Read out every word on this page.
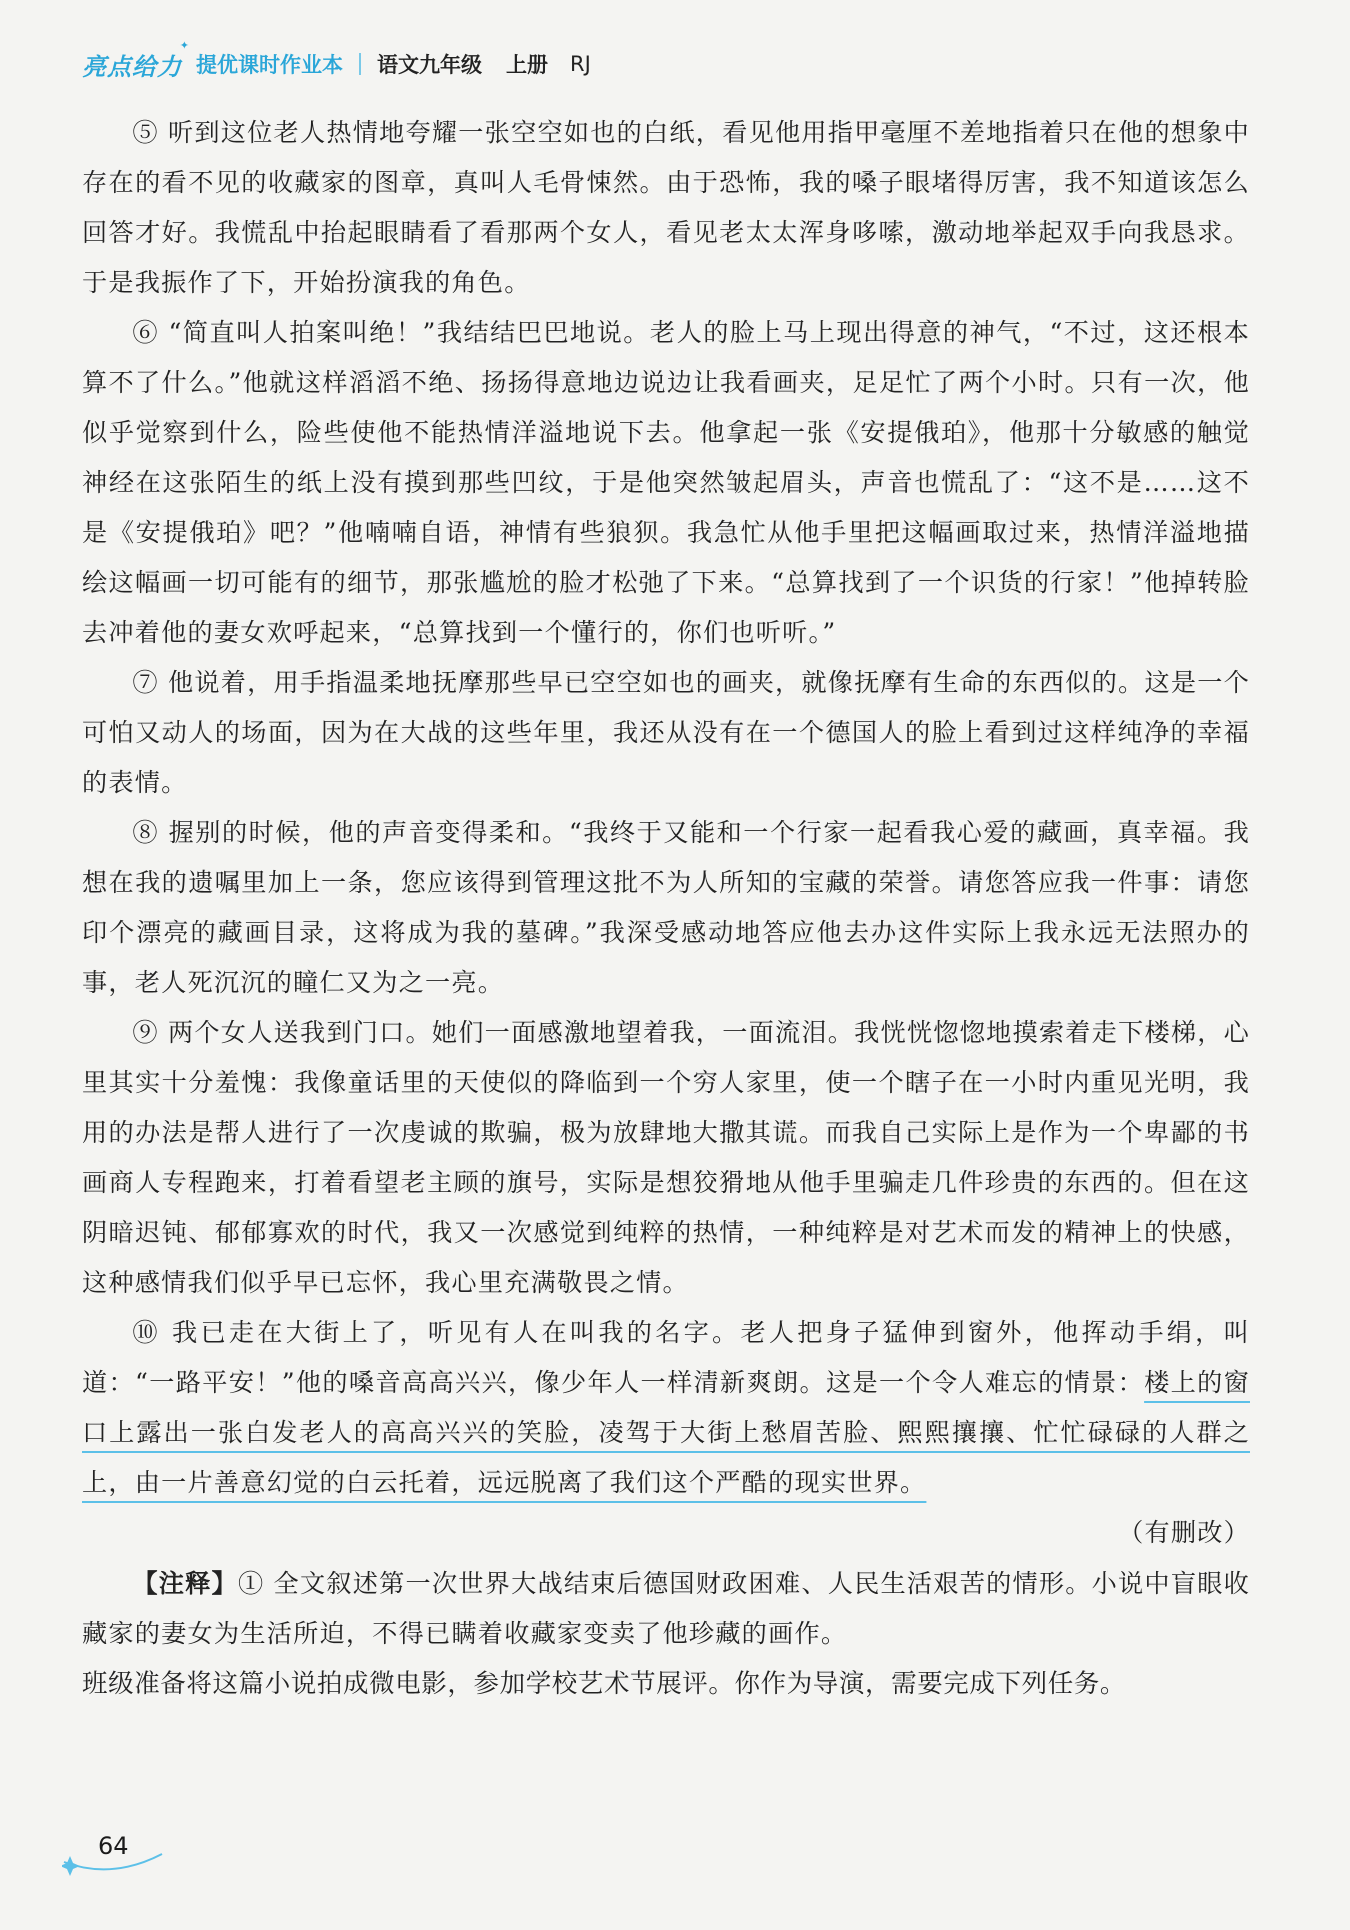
亮点给力
✦
提优课时作业本 语文九年级 上册 RJ

⑤ 听到这位老人热情地夸耀一张空空如也的白纸，看见他用指甲毫厘不差地指着只在他的想象中存在的看不见的收藏家的图章，真叫人毛骨悚然。由于恐怖，我的嗓子眼堵得厉害，我不知道该怎么回答才好。我慌乱中抬起眼睛看了看那两个女人，看见老太太浑身哆嗦，激动地举起双手向我恳求。于是我振作了下，开始扮演我的角色。

⑥ “简直叫人拍案叫绝！”我结结巴巴地说。老人的脸上马上现出得意的神气，“不过，这还根本算不了什么。”他就这样滔滔不绝、扬扬得意地边说边让我看画夹，足足忙了两个小时。只有一次，他似乎觉察到什么，险些使他不能热情洋溢地说下去。他拿起一张《安提俄珀》，他那十分敏感的触觉神经在这张陌生的纸上没有摸到那些凹纹，于是他突然皱起眉头，声音也慌乱了：“这不是……这不是《安提俄珀》吧？”他喃喃自语，神情有些狼狈。我急忙从他手里把这幅画取过来，热情洋溢地描绘这幅画一切可能有的细节，那张尴尬的脸才松弛了下来。“总算找到了一个识货的行家！”他掉转脸去冲着他的妻女欢呼起来，“总算找到一个懂行的，你们也听听。”

⑦ 他说着，用手指温柔地抚摩那些早已空空如也的画夹，就像抚摩有生命的东西似的。这是一个可怕又动人的场面，因为在大战的这些年里，我还从没有在一个德国人的脸上看到过这样纯净的幸福的表情。

⑧ 握别的时候，他的声音变得柔和。“我终于又能和一个行家一起看我心爱的藏画，真幸福。我想在我的遗嘱里加上一条，您应该得到管理这批不为人所知的宝藏的荣誉。请您答应我一件事：请您印个漂亮的藏画目录，这将成为我的墓碑。”我深受感动地答应他去办这件实际上我永远无法照办的事，老人死沉沉的瞳仁又为之一亮。

⑨ 两个女人送我到门口。她们一面感激地望着我，一面流泪。我恍恍惚惚地摸索着走下楼梯，心里其实十分羞愧：我像童话里的天使似的降临到一个穷人家里，使一个瞎子在一小时内重见光明，我用的办法是帮人进行了一次虔诚的欺骗，极为放肆地大撒其谎。而我自己实际上是作为一个卑鄙的书画商人专程跑来，打着看望老主顾的旗号，实际是想狡猾地从他手里骗走几件珍贵的东西的。但在这阴暗迟钝、郁郁寡欢的时代，我又一次感觉到纯粹的热情，一种纯粹是对艺术而发的精神上的快感，这种感情我们似乎早已忘怀，我心里充满敬畏之情。

⑩ 我已走在大街上了，听见有人在叫我的名字。老人把身子猛伸到窗外，他挥动手绢，叫道：“一路平安！”他的嗓音高高兴兴，像少年人一样清新爽朗。这是一个令人难忘的情景：楼上的窗口上露出一张白发老人的高高兴兴的笑脸，凌驾于大街上愁眉苦脸、熙熙攘攘、忙忙碌碌的人群之上，由一片善意幻觉的白云托着，远远脱离了我们这个严酷的现实世界。

（有删改）

【注释】① 全文叙述第一次世界大战结束后德国财政困难、人民生活艰苦的情形。小说中盲眼收藏家的妻女为生活所迫，不得已瞒着收藏家变卖了他珍藏的画作。

班级准备将这篇小说拍成微电影，参加学校艺术节展评。你作为导演，需要完成下列任务。

64
